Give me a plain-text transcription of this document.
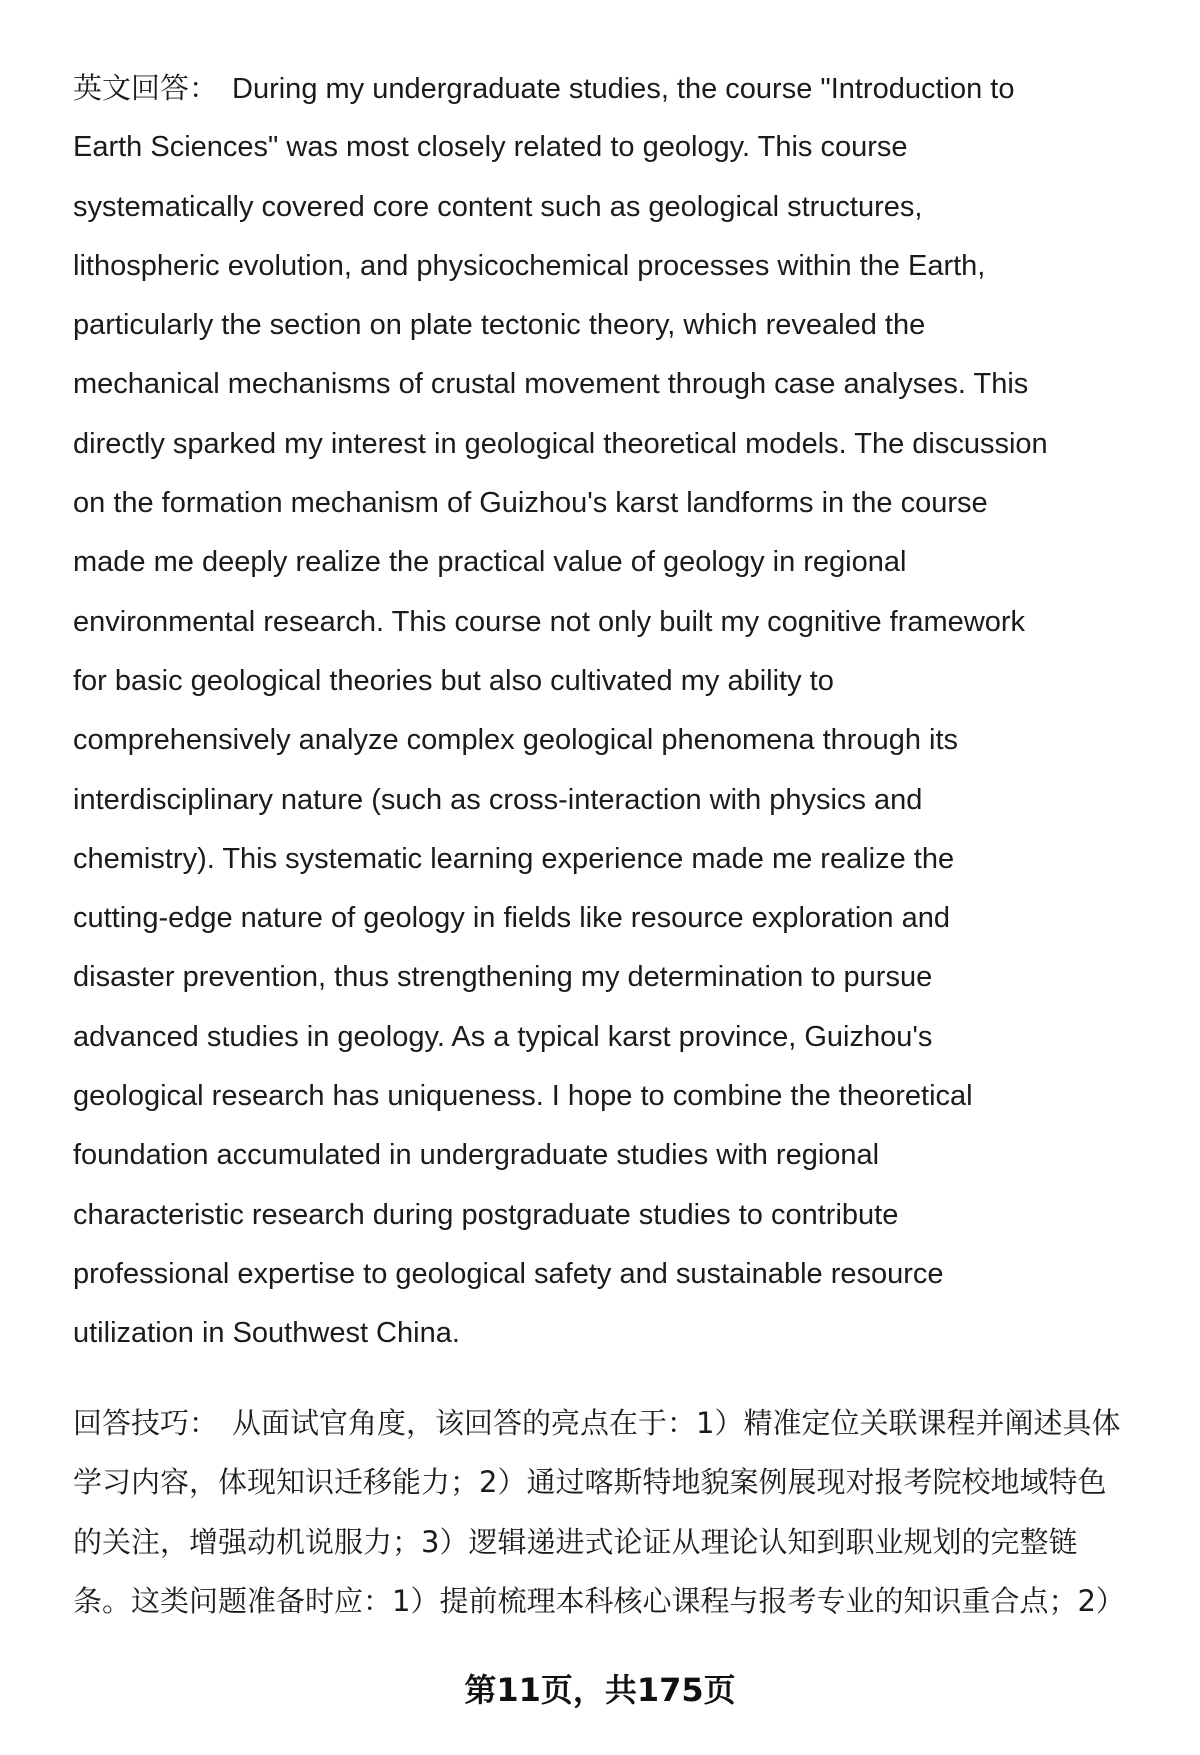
英文回答： During my undergraduate studies, the course "Introduction to
Earth Sciences" was most closely related to geology. This course
systematically covered core content such as geological structures,
lithospheric evolution, and physicochemical processes within the Earth,
particularly the section on plate tectonic theory, which revealed the
mechanical mechanisms of crustal movement through case analyses. This
directly sparked my interest in geological theoretical models. The discussion
on the formation mechanism of Guizhou's karst landforms in the course
made me deeply realize the practical value of geology in regional
environmental research. This course not only built my cognitive framework
for basic geological theories but also cultivated my ability to
comprehensively analyze complex geological phenomena through its
interdisciplinary nature (such as cross-interaction with physics and
chemistry). This systematic learning experience made me realize the
cutting-edge nature of geology in fields like resource exploration and
disaster prevention, thus strengthening my determination to pursue
advanced studies in geology. As a typical karst province, Guizhou's
geological research has uniqueness. I hope to combine the theoretical
foundation accumulated in undergraduate studies with regional
characteristic research during postgraduate studies to contribute
professional expertise to geological safety and sustainable resource
utilization in Southwest China.
回答技巧： 从面试官角度，该回答的亮点在于：1）精准定位关联课程并阐述具体
学习内容，体现知识迁移能力；2）通过喀斯特地貌案例展现对报考院校地域特色
的关注，增强动机说服力；3）逻辑递进式论证从理论认知到职业规划的完整链
条。这类问题准备时应：1）提前梳理本科核心课程与报考专业的知识重合点；2）
第11页，共175页
